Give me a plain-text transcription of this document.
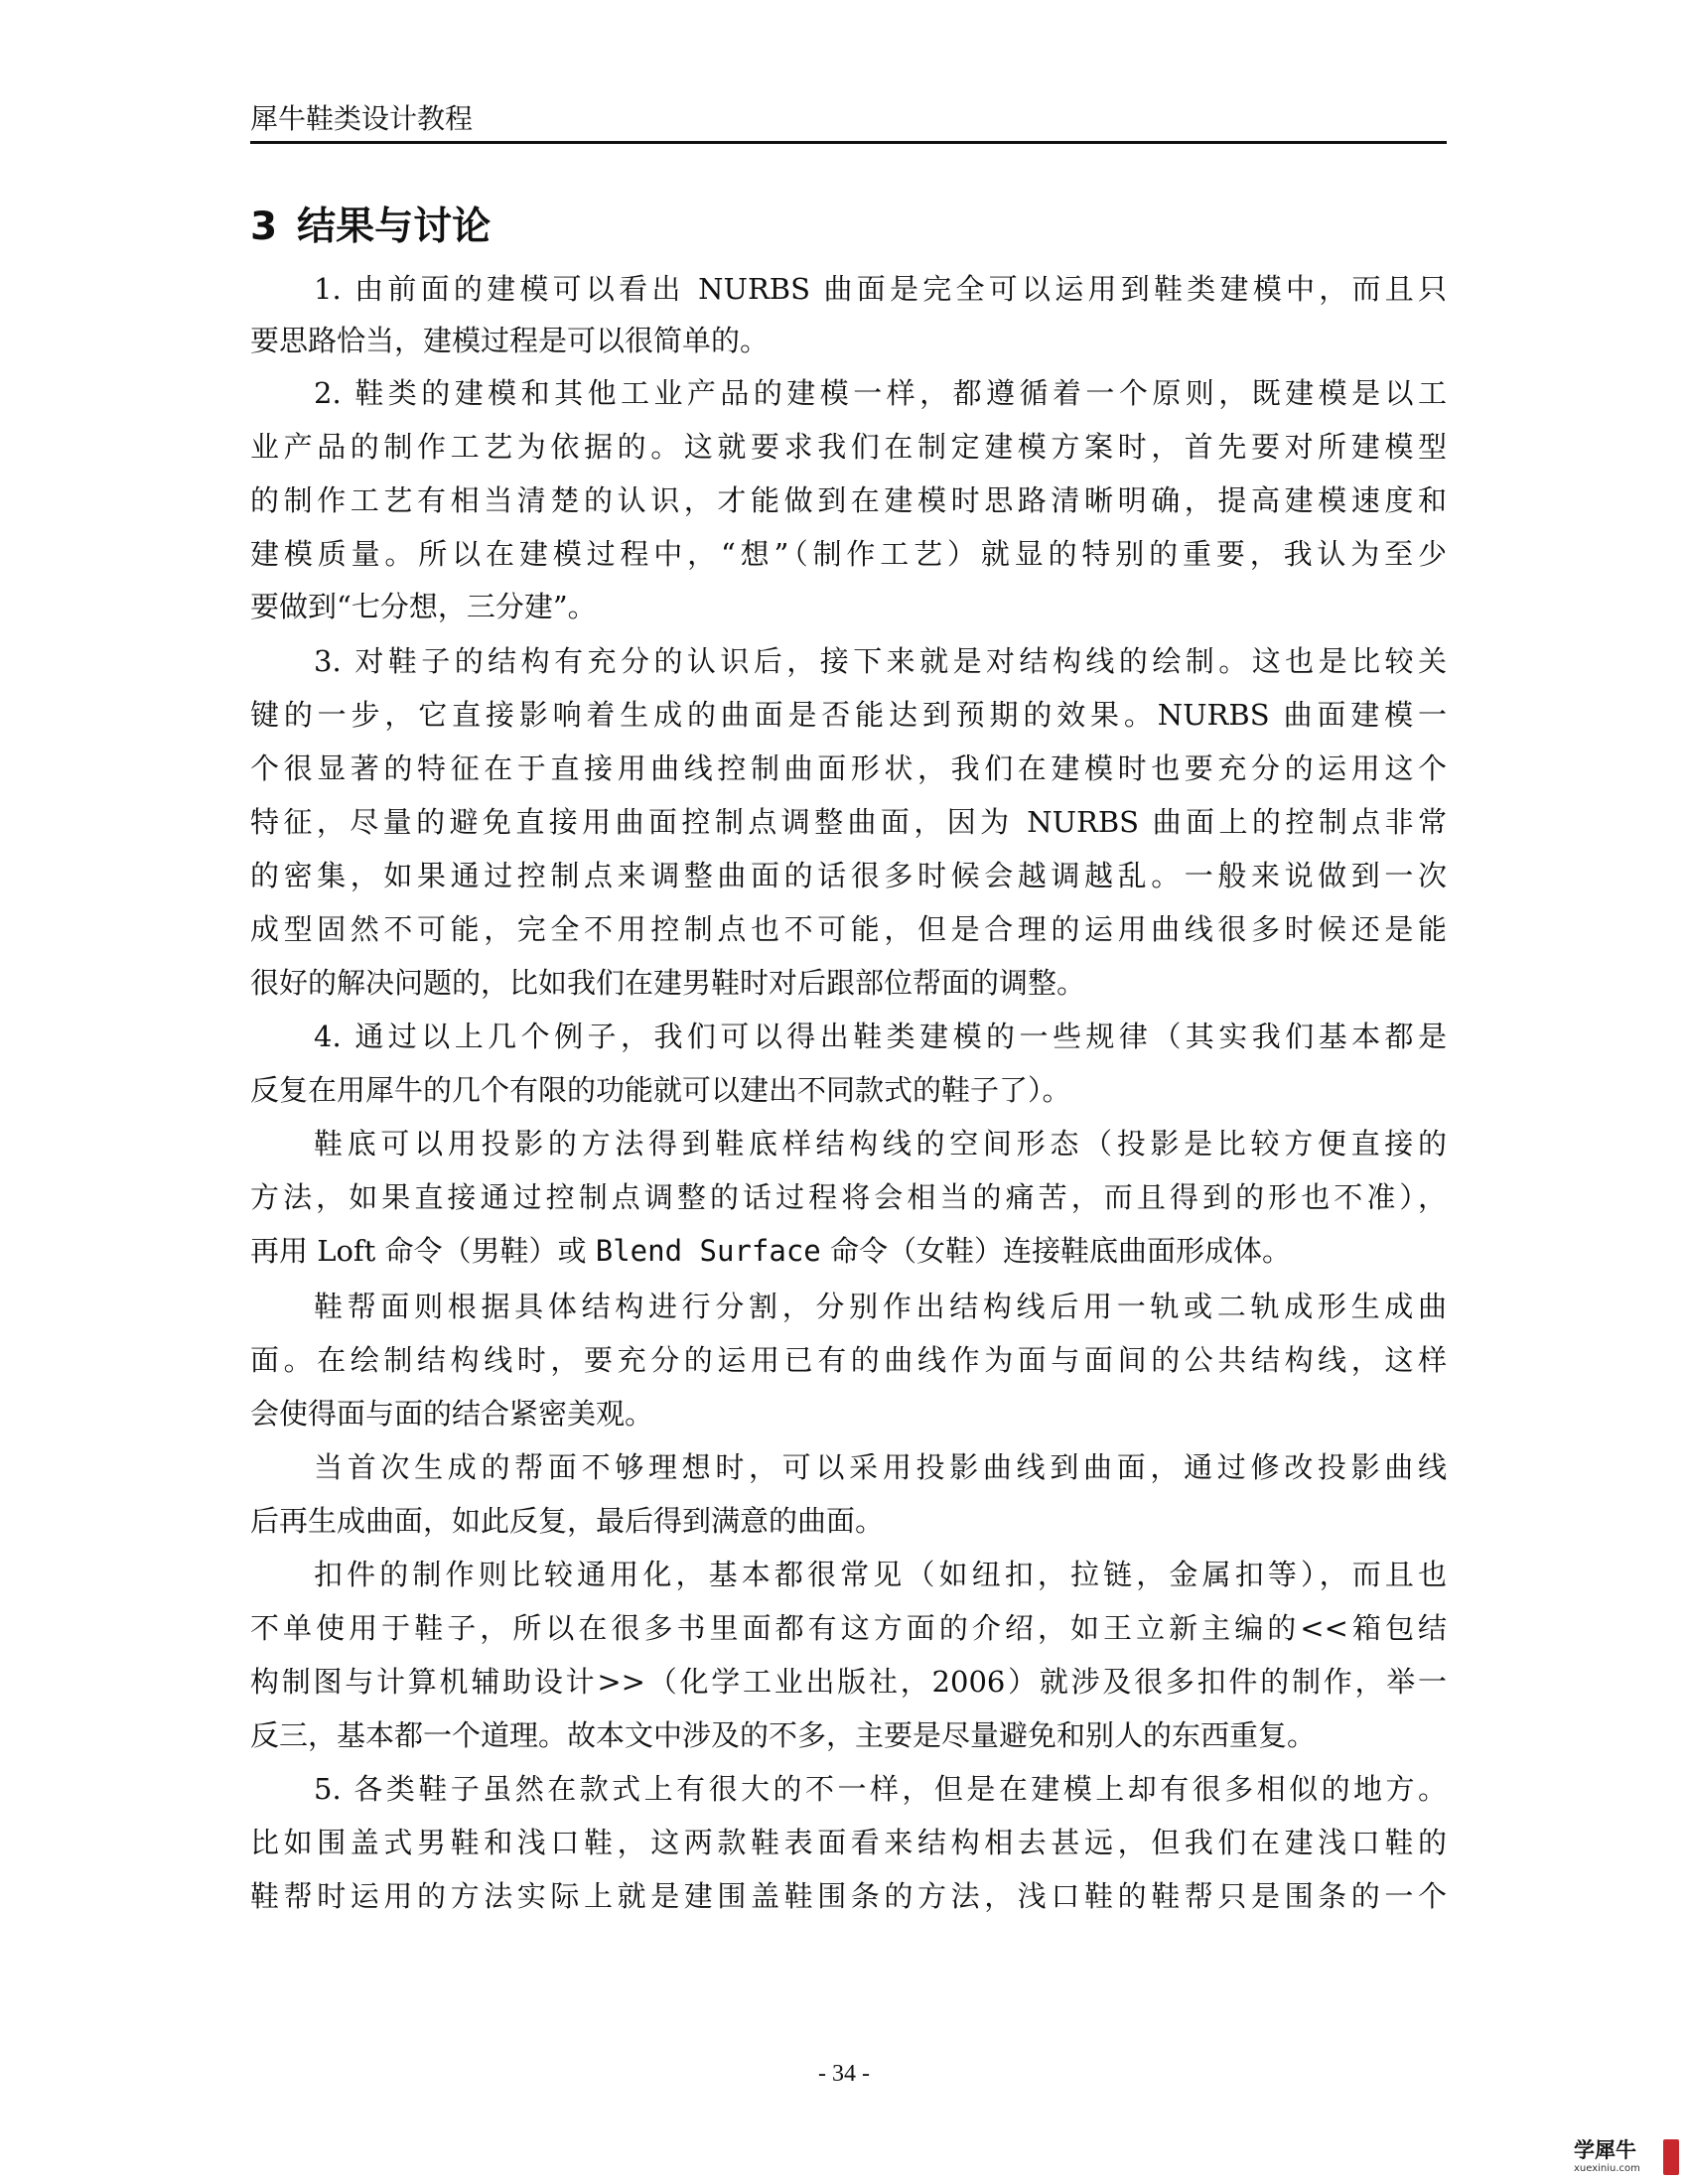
犀牛鞋类设计教程
3 结果与讨论

1. 由前面的建模可以看出 NURBS 曲面是完全可以运用到鞋类建模中，而且只

要思路恰当，建模过程是可以很简单的。

2. 鞋类的建模和其他工业产品的建模一样，都遵循着一个原则，既建模是以工

业产品的制作工艺为依据的。这就要求我们在制定建模方案时，首先要对所建模型

的制作工艺有相当清楚的认识，才能做到在建模时思路清晰明确，提高建模速度和

建模质量。所以在建模过程中，“想”（制作工艺）就显的特别的重要，我认为至少

要做到“七分想，三分建”。

3. 对鞋子的结构有充分的认识后，接下来就是对结构线的绘制。这也是比较关

键的一步，它直接影响着生成的曲面是否能达到预期的效果。NURBS 曲面建模一

个很显著的特征在于直接用曲线控制曲面形状，我们在建模时也要充分的运用这个

特征，尽量的避免直接用曲面控制点调整曲面，因为 NURBS 曲面上的控制点非常

的密集，如果通过控制点来调整曲面的话很多时候会越调越乱。一般来说做到一次

成型固然不可能，完全不用控制点也不可能，但是合理的运用曲线很多时候还是能

很好的解决问题的，比如我们在建男鞋时对后跟部位帮面的调整。

4. 通过以上几个例子，我们可以得出鞋类建模的一些规律（其实我们基本都是

反复在用犀牛的几个有限的功能就可以建出不同款式的鞋子了）。

鞋底可以用投影的方法得到鞋底样结构线的空间形态（投影是比较方便直接的

方法，如果直接通过控制点调整的话过程将会相当的痛苦，而且得到的形也不准），

再用 Loft 命令（男鞋）或 Blend Surface 命令（女鞋）连接鞋底曲面形成体。

鞋帮面则根据具体结构进行分割，分别作出结构线后用一轨或二轨成形生成曲

面。在绘制结构线时，要充分的运用已有的曲线作为面与面间的公共结构线，这样

会使得面与面的结合紧密美观。

当首次生成的帮面不够理想时，可以采用投影曲线到曲面，通过修改投影曲线

后再生成曲面，如此反复，最后得到满意的曲面。

扣件的制作则比较通用化，基本都很常见（如纽扣，拉链，金属扣等），而且也

不单使用于鞋子，所以在很多书里面都有这方面的介绍，如王立新主编的<<箱包结

构制图与计算机辅助设计>>（化学工业出版社，2006）就涉及很多扣件的制作，举一

反三，基本都一个道理。故本文中涉及的不多，主要是尽量避免和别人的东西重复。

5. 各类鞋子虽然在款式上有很大的不一样，但是在建模上却有很多相似的地方。

比如围盖式男鞋和浅口鞋，这两款鞋表面看来结构相去甚远，但我们在建浅口鞋的

鞋帮时运用的方法实际上就是建围盖鞋围条的方法，浅口鞋的鞋帮只是围条的一个

- 34 -
学犀牛
xuexiniu.com
